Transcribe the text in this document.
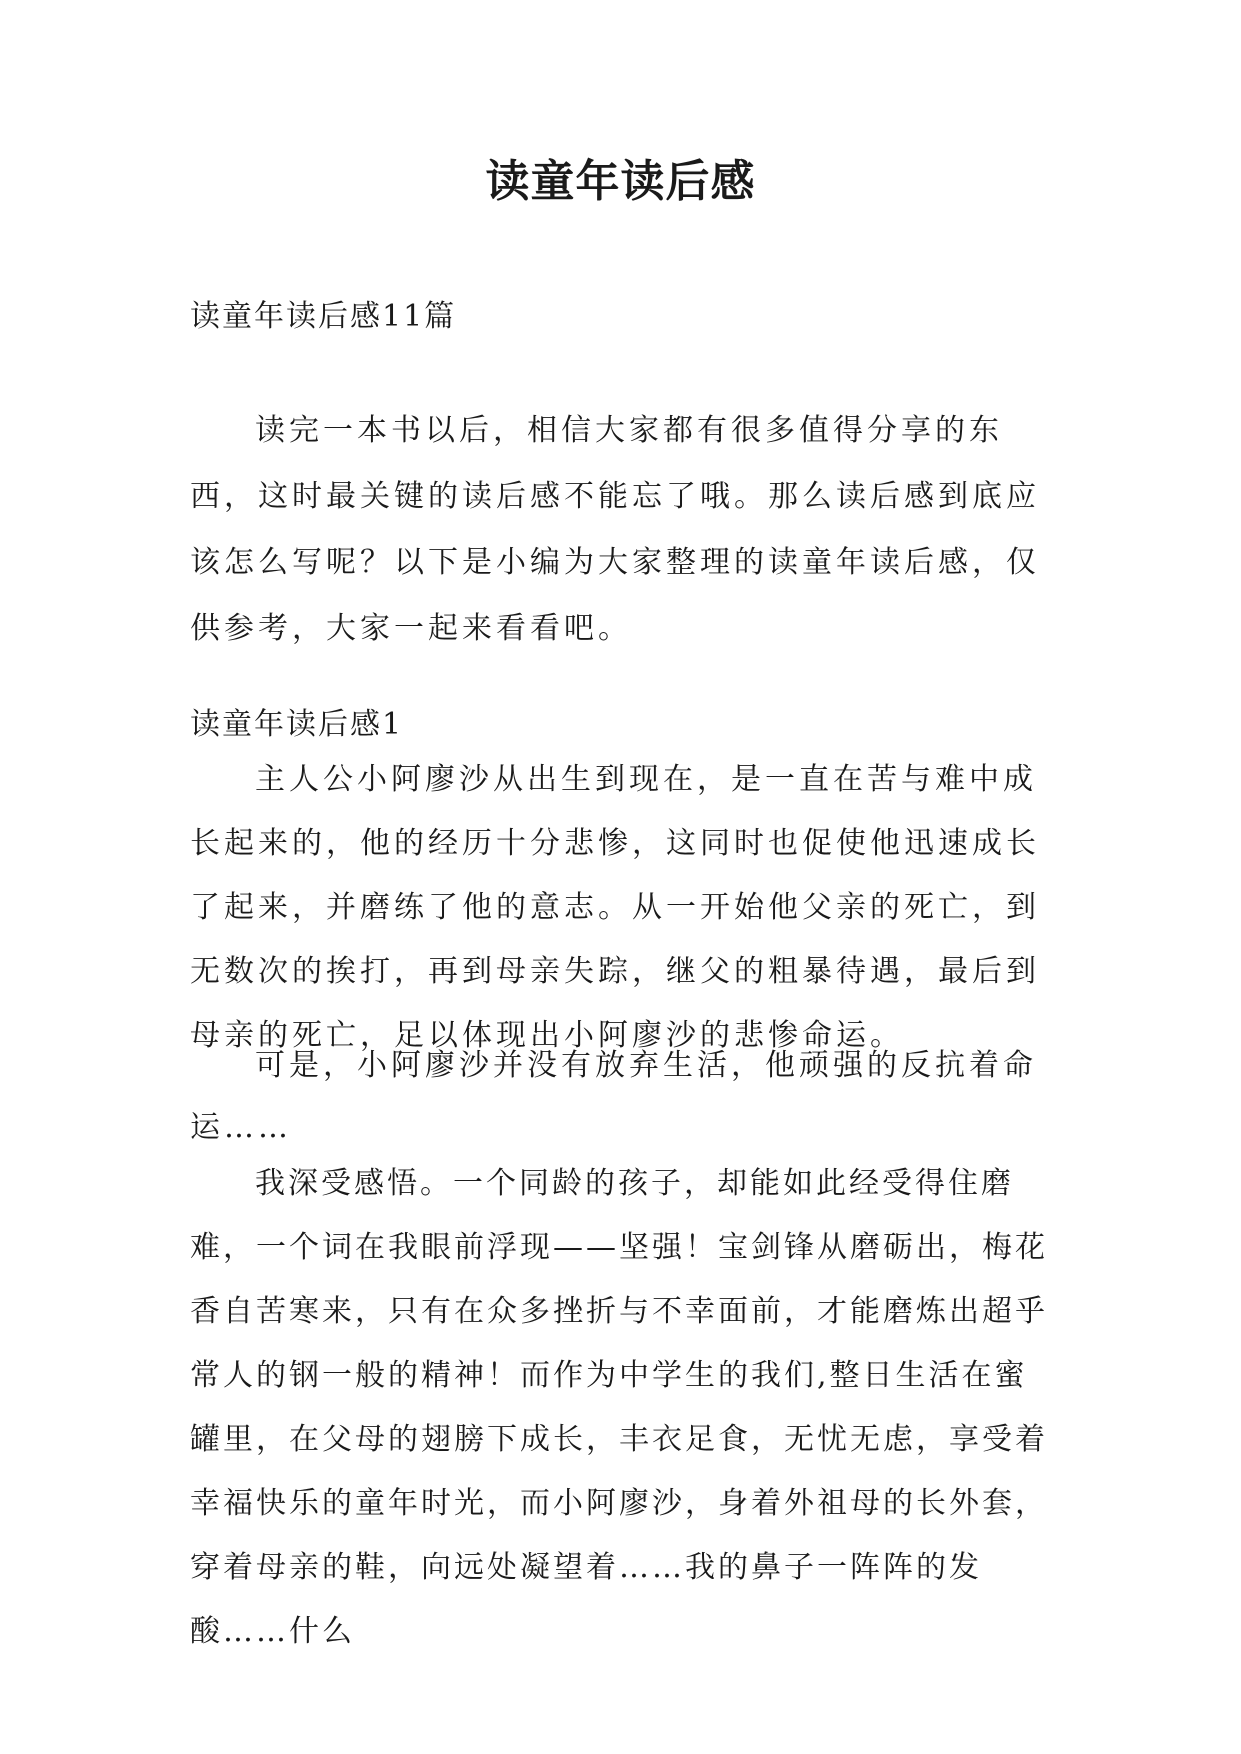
读童年读后感
读童年读后感11篇
读完一本书以后，相信大家都有很多值得分享的东西，这时最关键的读后感不能忘了哦。那么读后感到底应该怎么写呢？以下是小编为大家整理的读童年读后感，仅供参考，大家一起来看看吧。
读童年读后感1
主人公小阿廖沙从出生到现在，是一直在苦与难中成长起来的，他的经历十分悲惨，这同时也促使他迅速成长了起来，并磨练了他的意志。从一开始他父亲的死亡，到无数次的挨打，再到母亲失踪，继父的粗暴待遇，最后到母亲的死亡，足以体现出小阿廖沙的悲惨命运。
可是，小阿廖沙并没有放弃生活，他顽强的反抗着命运……
我深受感悟。一个同龄的孩子，却能如此经受得住磨难，一个词在我眼前浮现——坚强！宝剑锋从磨砺出，梅花香自苦寒来，只有在众多挫折与不幸面前，才能磨炼出超乎常人的钢一般的精神！而作为中学生的我们,整日生活在蜜罐里，在父母的翅膀下成长，丰衣足食，无忧无虑，享受着幸福快乐的童年时光，而小阿廖沙，身着外祖母的长外套，穿着母亲的鞋，向远处凝望着……我的鼻子一阵阵的发酸……什么
